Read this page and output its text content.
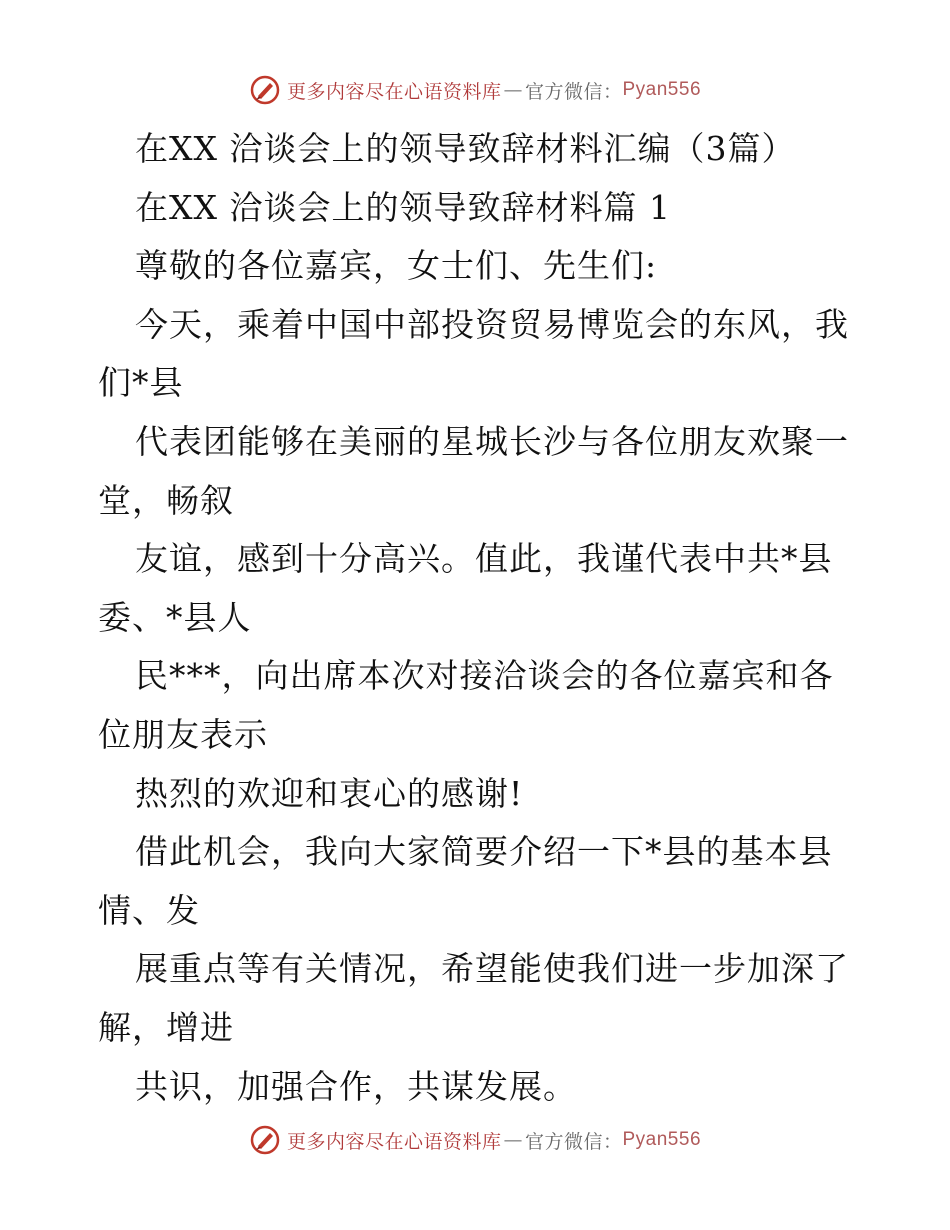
更多内容尽在心语资料库 — 官方微信： Pyan556
在XX 洽谈会上的领导致辞材料汇编（3篇）
在XX 洽谈会上的领导致辞材料篇 1
尊敬的各位嘉宾，女士们、先生们:
今天，乘着中国中部投资贸易博览会的东风，我
们*县
代表团能够在美丽的星城长沙与各位朋友欢聚一
堂，畅叙
友谊，感到十分高兴。值此，我谨代表中共*县
委、*县人
民***，向出席本次对接洽谈会的各位嘉宾和各
位朋友表示
热烈的欢迎和衷心的感谢!
借此机会，我向大家简要介绍一下*县的基本县
情、发
展重点等有关情况，希望能使我们进一步加深了
解，增进
共识，加强合作，共谋发展。
更多内容尽在心语资料库 — 官方微信： Pyan556
